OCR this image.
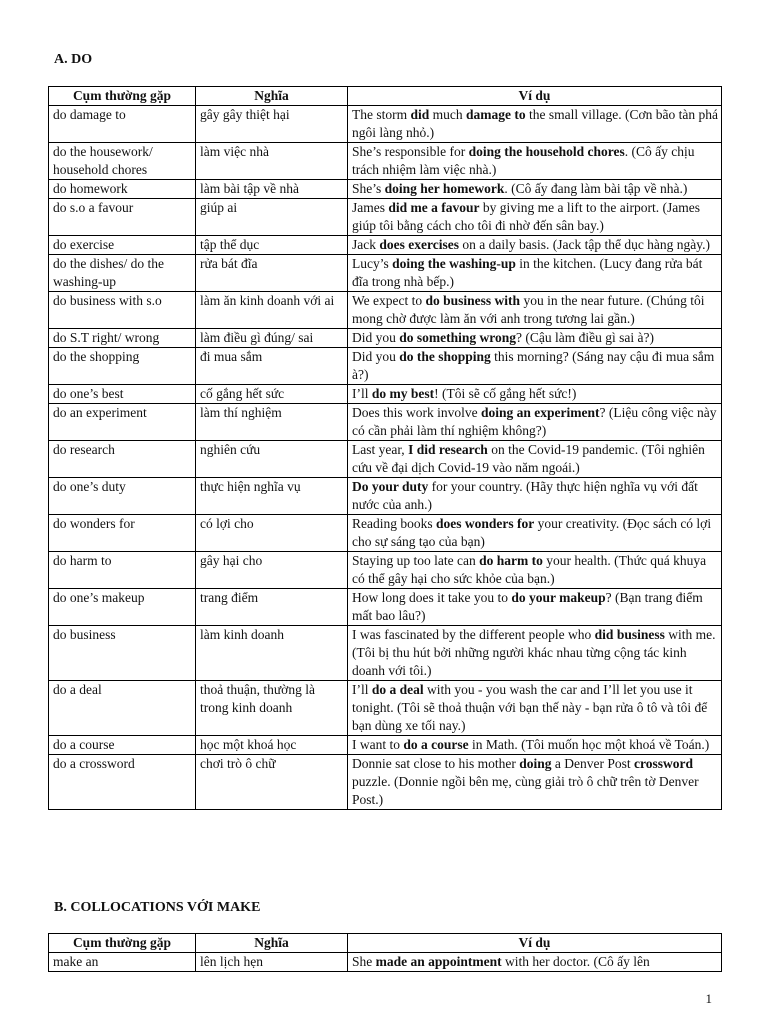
A. DO
Cụm thường gặp	Nghĩa	Ví dụ
do damage to	gây gây thiệt hại	The storm did much damage to the small village. (Cơn bão tàn phá ngôi làng nhỏ.)
do the housework/ household chores	làm việc nhà	She’s responsible for doing the household chores. (Cô ấy chịu trách nhiệm làm việc nhà.)
do homework	làm bài tập về nhà	She’s doing her homework. (Cô ấy đang làm bài tập về nhà.)
do s.o a favour	giúp ai	James did me a favour by giving me a lift to the airport. (James giúp tôi bằng cách cho tôi đi nhờ đến sân bay.)
do exercise	tập thể dục	Jack does exercises on a daily basis. (Jack tập thể dục hàng ngày.)
do the dishes/ do the washing-up	rửa bát đĩa	Lucy’s doing the washing-up in the kitchen. (Lucy đang rửa bát đĩa trong nhà bếp.)
do business with s.o	làm ăn kinh doanh với ai	We expect to do business with you in the near future. (Chúng tôi mong chờ được làm ăn với anh trong tương lai gần.)
do S.T right/ wrong	làm điều gì đúng/ sai	Did you do something wrong? (Cậu làm điều gì sai à?)
do the shopping	đi mua sắm	Did you do the shopping this morning? (Sáng nay cậu đi mua sắm à?)
do one’s best	cố gắng hết sức	I’ll do my best! (Tôi sẽ cố gắng hết sức!)
do an experiment	làm thí nghiệm	Does this work involve doing an experiment? (Liệu công việc này có cần phải làm thí nghiệm không?)
do research	nghiên cứu	Last year, I did research on the Covid-19 pandemic. (Tôi nghiên cứu về đại dịch Covid-19 vào năm ngoái.)
do one’s duty	thực hiện nghĩa vụ	Do your duty for your country. (Hãy thực hiện nghĩa vụ với đất nước của anh.)
do wonders for	có lợi cho	Reading books does wonders for your creativity. (Đọc sách có lợi cho sự sáng tạo của bạn)
do harm to	gây hại cho	Staying up too late can do harm to your health. (Thức quá khuya có thể gây hại cho sức khỏe của bạn.)
do one’s makeup	trang điểm	How long does it take you to do your makeup? (Bạn trang điểm mất bao lâu?)
do business	làm kinh doanh	I was fascinated by the different people who did business with me. (Tôi bị thu hút bởi những người khác nhau từng cộng tác kinh doanh với tôi.)
do a deal	thoả thuận, thường là trong kinh doanh	I’ll do a deal with you - you wash the car and I’ll let you use it tonight. (Tôi sẽ thoả thuận với bạn thế này - bạn rửa ô tô và tôi để bạn dùng xe tối nay.)
do a course	học một khoá học	I want to do a course in Math. (Tôi muốn học một khoá về Toán.)
do a crossword	chơi trò ô chữ	Donnie sat close to his mother doing a Denver Post crossword puzzle. (Donnie ngồi bên mẹ, cùng giải trò ô chữ trên tờ Denver Post.)
B. COLLOCATIONS VỚI MAKE
Cụm thường gặp	Nghĩa	Ví dụ
make an	lên lịch hẹn	She made an appointment with her doctor. (Cô ấy lên
1
